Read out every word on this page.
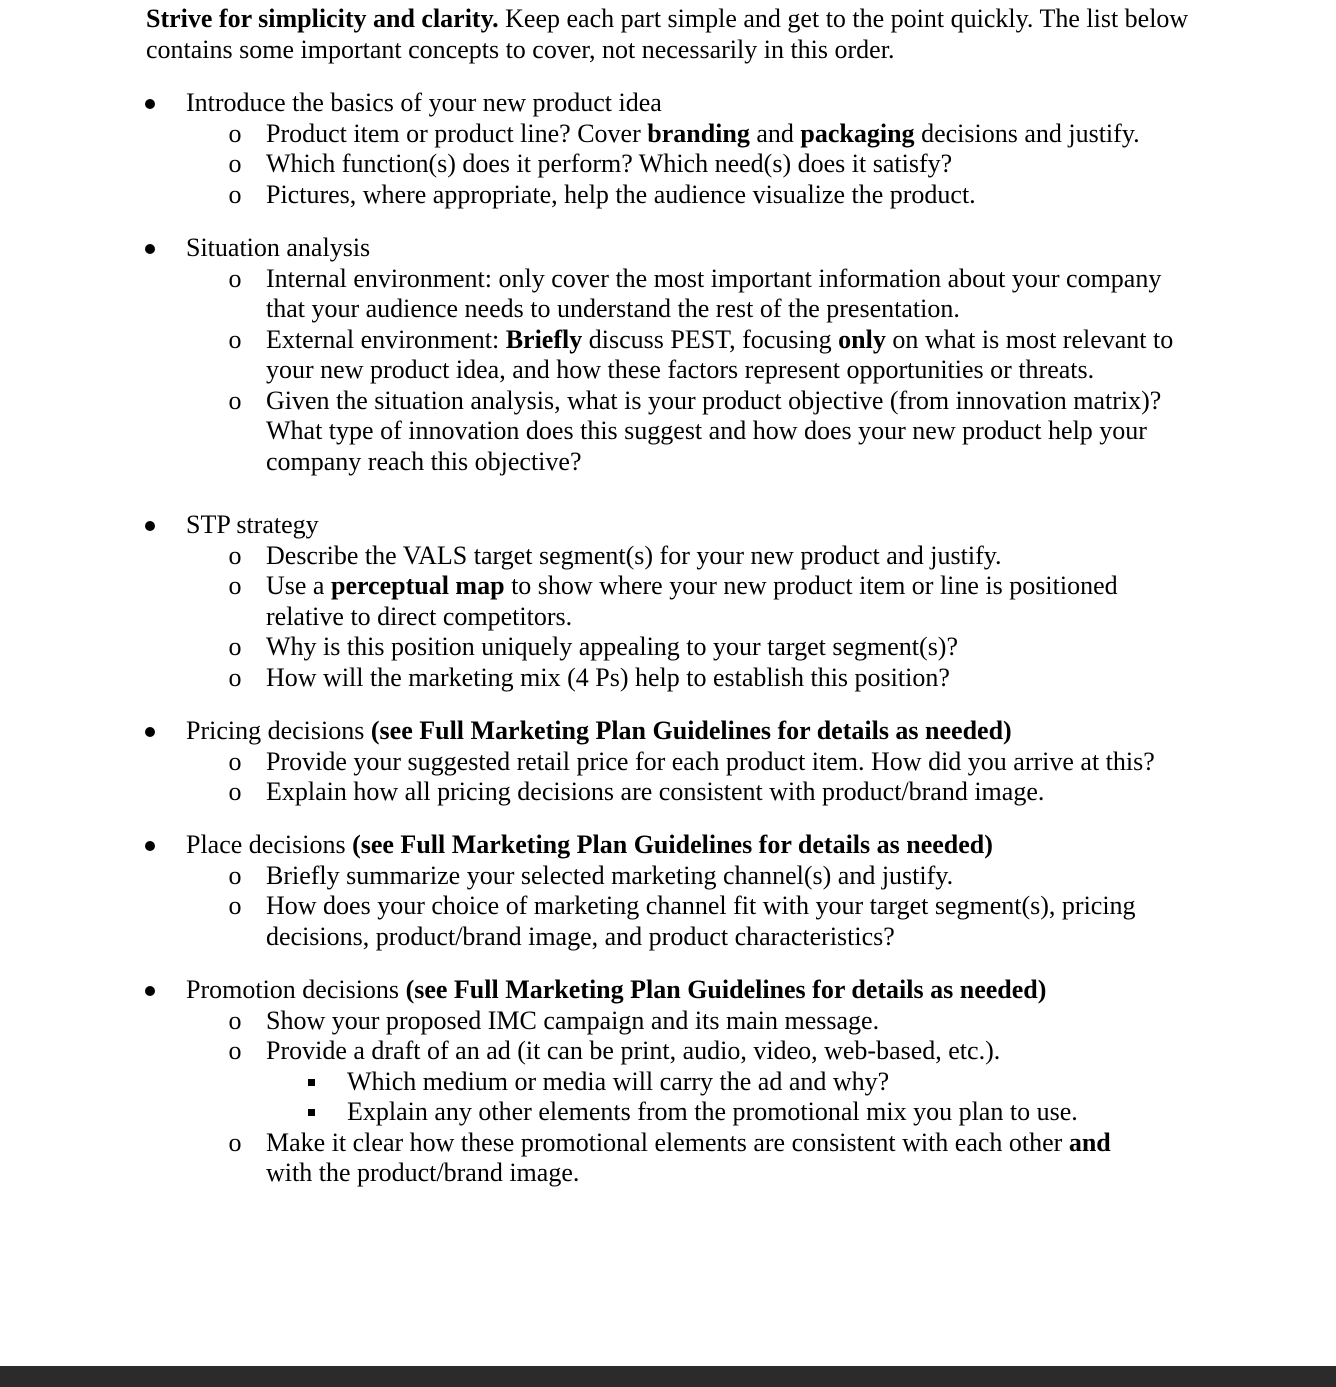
Strive for simplicity and clarity. Keep each part simple and get to the point quickly. The list below contains some important concepts to cover, not necessarily in this order.
Introduce the basics of your new product idea
o Product item or product line? Cover branding and packaging decisions and justify.
o Which function(s) does it perform? Which need(s) does it satisfy?
o Pictures, where appropriate, help the audience visualize the product.
Situation analysis
o Internal environment: only cover the most important information about your company that your audience needs to understand the rest of the presentation.
o External environment: Briefly discuss PEST, focusing only on what is most relevant to your new product idea, and how these factors represent opportunities or threats.
o Given the situation analysis, what is your product objective (from innovation matrix)? What type of innovation does this suggest and how does your new product help your company reach this objective?
STP strategy
o Describe the VALS target segment(s) for your new product and justify.
o Use a perceptual map to show where your new product item or line is positioned relative to direct competitors.
o Why is this position uniquely appealing to your target segment(s)?
o How will the marketing mix (4 Ps) help to establish this position?
Pricing decisions (see Full Marketing Plan Guidelines for details as needed)
o Provide your suggested retail price for each product item. How did you arrive at this?
o Explain how all pricing decisions are consistent with product/brand image.
Place decisions (see Full Marketing Plan Guidelines for details as needed)
o Briefly summarize your selected marketing channel(s) and justify.
o How does your choice of marketing channel fit with your target segment(s), pricing decisions, product/brand image, and product characteristics?
Promotion decisions (see Full Marketing Plan Guidelines for details as needed)
o Show your proposed IMC campaign and its main message.
o Provide a draft of an ad (it can be print, audio, video, web-based, etc.).
Which medium or media will carry the ad and why?
Explain any other elements from the promotional mix you plan to use.
o Make it clear how these promotional elements are consistent with each other and with the product/brand image.
